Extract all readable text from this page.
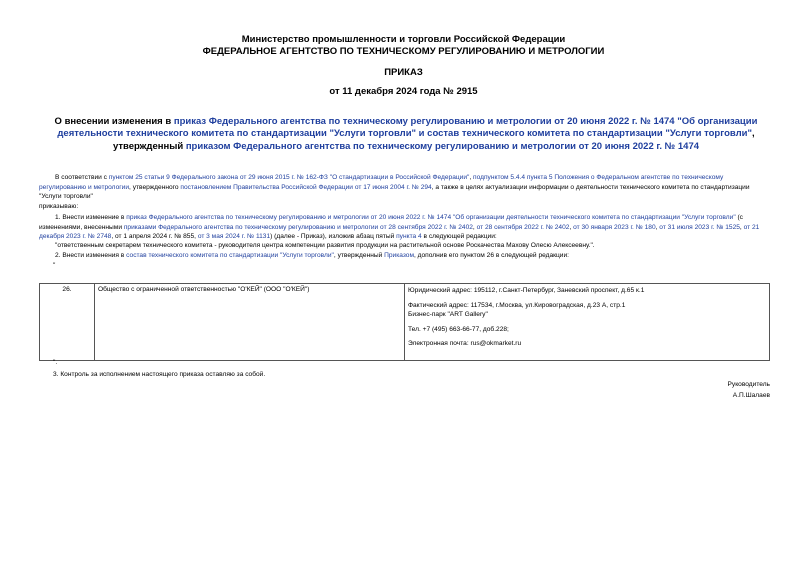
Министерство промышленности и торговли Российской Федерации
ФЕДЕРАЛЬНОЕ АГЕНТСТВО ПО ТЕХНИЧЕСКОМУ РЕГУЛИРОВАНИЮ И МЕТРОЛОГИИ
ПРИКАЗ
от 11 декабря 2024 года № 2915
О внесении изменения в приказ Федерального агентства по техническому регулированию и метрологии от 20 июня 2022 г. № 1474 "Об организации деятельности технического комитета по стандартизации "Услуги торговли" и состав технического комитета по стандартизации "Услуги торговли", утвержденный приказом Федерального агентства по техническому регулированию и метрологии от 20 июня 2022 г. № 1474
В соответствии с пунктом 25 статьи 9 Федерального закона от 29 июня 2015 г. № 162-ФЗ "О стандартизации в Российской Федерации", подпунктом 5.4.4 пункта 5 Положения о Федеральном агентстве по техническому регулированию и метрологии, утвержденного постановлением Правительства Российской Федерации от 17 июня 2004 г. № 294, а также в целях актуализации информации о деятельности технического комитета по стандартизации "Услуги торговли"
приказываю:
1. Внести изменение в приказ Федерального агентства по техническому регулированию и метрологии от 20 июня 2022 г. № 1474 "Об организации деятельности технического комитета по стандартизации "Услуги торговли" (с изменениями, внесенными приказами Федерального агентства по техническому регулированию и метрологии от 28 сентября 2022 г. № 2402, от 28 сентября 2022 г. № 2402, от 30 января 2023 г. № 180, от 31 июля 2023 г. № 1525, от 21 декабря 2023 г. № 2748, от 1 апреля 2024 г. № 855, от 3 мая 2024 г. № 1131) (далее - Приказ), изложив абзац пятый пункта 4 в следующей редакции:
"ответственным секретарем технического комитета - руководителя центра компетенции развития продукции на растительной основе Роскачества Махову Олесю Алексеевну.".
2. Внести изменения в состав технического комитета по стандартизации "Услуги торговли", утвержденный Приказом, дополнив его пунктом 26 в следующей редакции:
"
26.	Общество с ограниченной ответственностью "О'КЕЙ" (ООО "О'КЕЙ")	Юридический адрес: 195112, г.Санкт-Петербург, Заневский проспект, д.65 к.1
Фактический адрес: 117534, г.Москва, ул.Кировоградская, д.23 А, стр.1
Бизнес-парк "ART Gallery"
Тел. +7 (495) 663-66-77, доб.228;
Электронная почта: rus@okmarket.ru
".
3. Контроль за исполнением настоящего приказа оставляю за собой.
Руководитель
А.П.Шалаев
